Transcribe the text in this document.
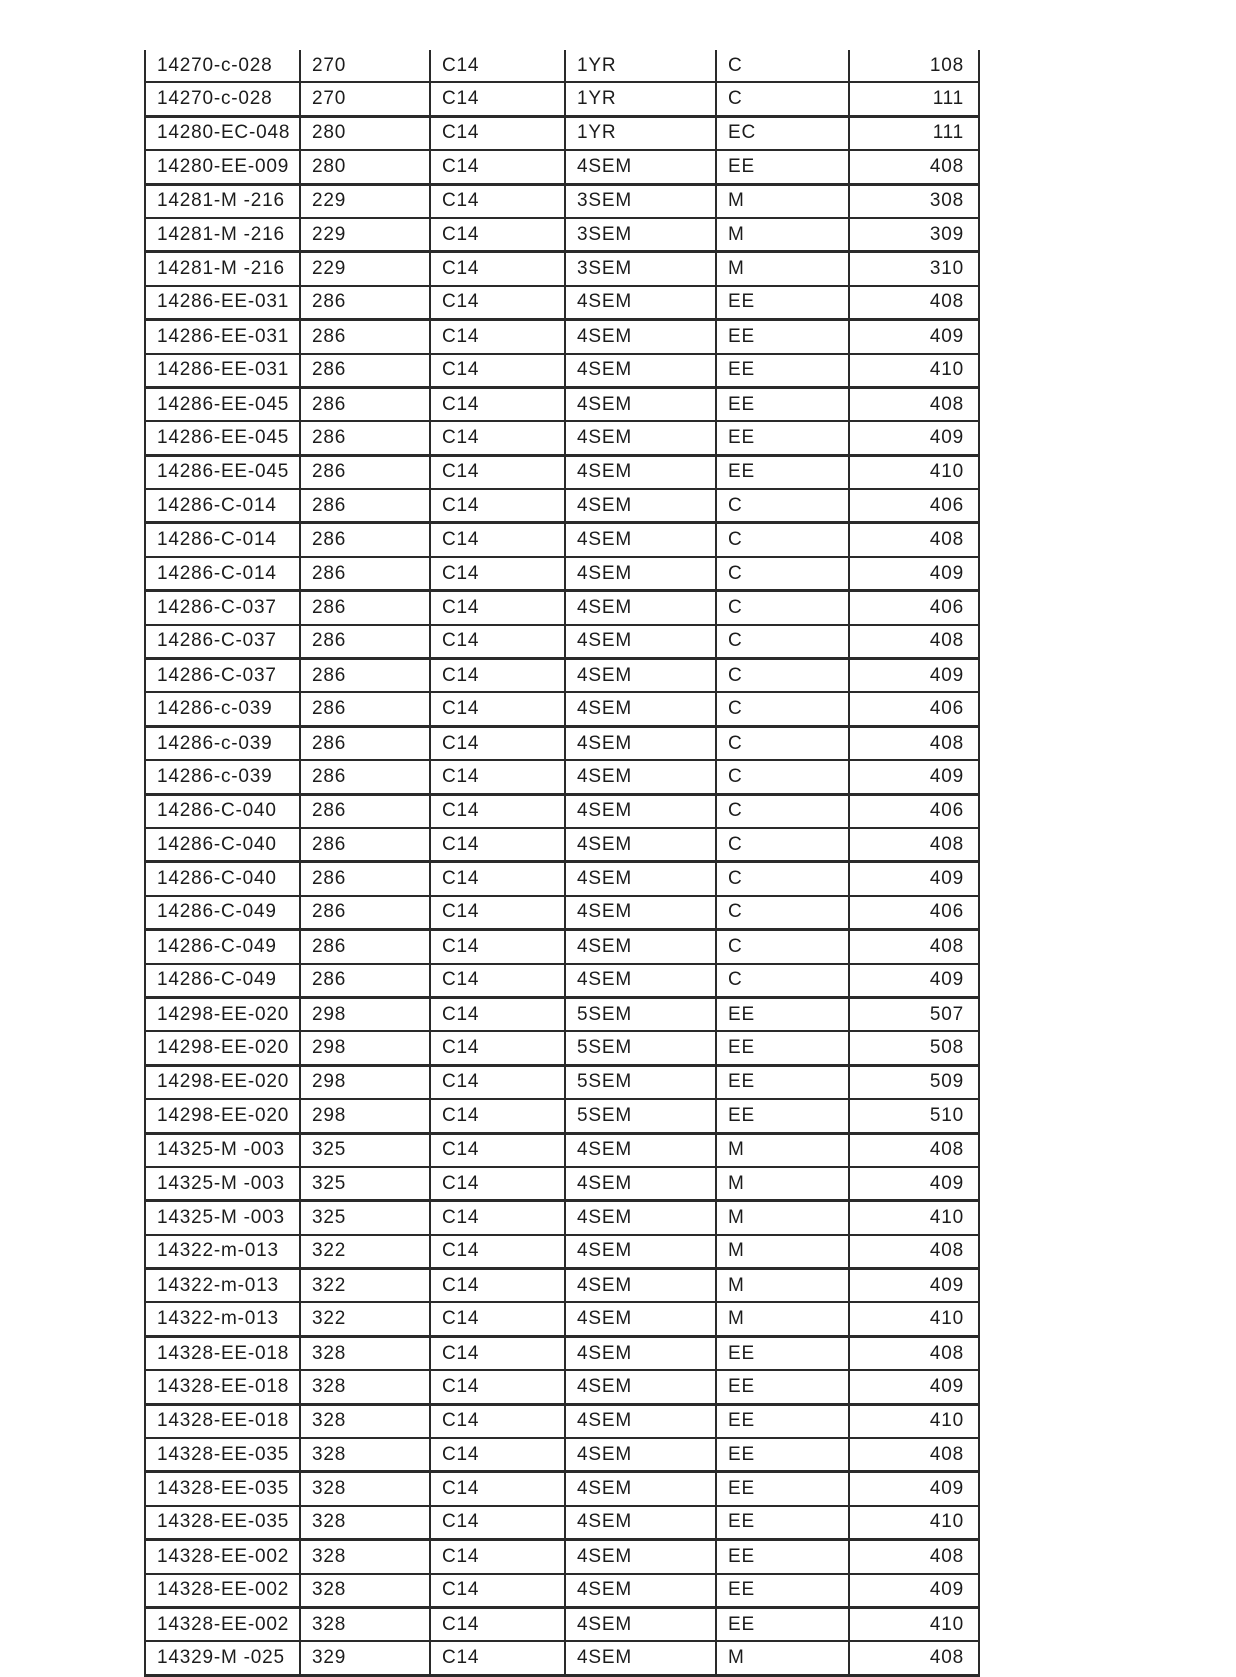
14270-c-028	270	C14	1YR	C	108
14270-c-028	270	C14	1YR	C	111
14280-EC-048	280	C14	1YR	EC	111
14280-EE-009	280	C14	4SEM	EE	408
14281-M -216	229	C14	3SEM	M	308
14281-M -216	229	C14	3SEM	M	309
14281-M -216	229	C14	3SEM	M	310
14286-EE-031	286	C14	4SEM	EE	408
14286-EE-031	286	C14	4SEM	EE	409
14286-EE-031	286	C14	4SEM	EE	410
14286-EE-045	286	C14	4SEM	EE	408
14286-EE-045	286	C14	4SEM	EE	409
14286-EE-045	286	C14	4SEM	EE	410
14286-C-014	286	C14	4SEM	C	406
14286-C-014	286	C14	4SEM	C	408
14286-C-014	286	C14	4SEM	C	409
14286-C-037	286	C14	4SEM	C	406
14286-C-037	286	C14	4SEM	C	408
14286-C-037	286	C14	4SEM	C	409
14286-c-039	286	C14	4SEM	C	406
14286-c-039	286	C14	4SEM	C	408
14286-c-039	286	C14	4SEM	C	409
14286-C-040	286	C14	4SEM	C	406
14286-C-040	286	C14	4SEM	C	408
14286-C-040	286	C14	4SEM	C	409
14286-C-049	286	C14	4SEM	C	406
14286-C-049	286	C14	4SEM	C	408
14286-C-049	286	C14	4SEM	C	409
14298-EE-020	298	C14	5SEM	EE	507
14298-EE-020	298	C14	5SEM	EE	508
14298-EE-020	298	C14	5SEM	EE	509
14298-EE-020	298	C14	5SEM	EE	510
14325-M -003	325	C14	4SEM	M	408
14325-M -003	325	C14	4SEM	M	409
14325-M -003	325	C14	4SEM	M	410
14322-m-013	322	C14	4SEM	M	408
14322-m-013	322	C14	4SEM	M	409
14322-m-013	322	C14	4SEM	M	410
14328-EE-018	328	C14	4SEM	EE	408
14328-EE-018	328	C14	4SEM	EE	409
14328-EE-018	328	C14	4SEM	EE	410
14328-EE-035	328	C14	4SEM	EE	408
14328-EE-035	328	C14	4SEM	EE	409
14328-EE-035	328	C14	4SEM	EE	410
14328-EE-002	328	C14	4SEM	EE	408
14328-EE-002	328	C14	4SEM	EE	409
14328-EE-002	328	C14	4SEM	EE	410
14329-M -025	329	C14	4SEM	M	408
